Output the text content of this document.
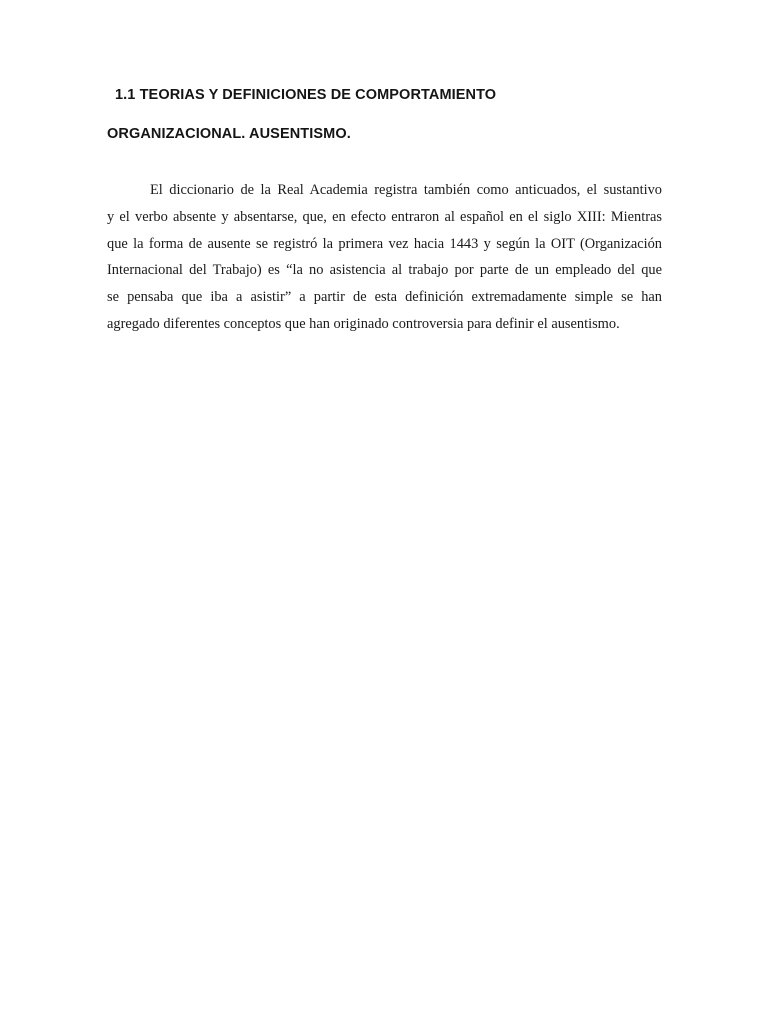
1.1 TEORIAS Y DEFINICIONES DE COMPORTAMIENTO
ORGANIZACIONAL. AUSENTISMO.
El diccionario de la Real Academia registra también como anticuados, el sustantivo
y el verbo absente y absentarse, que, en efecto entraron al español en el siglo XIII: Mientras
que la forma de ausente se registró la primera vez hacia 1443 y según la OIT (Organización
Internacional del Trabajo) es “la no asistencia al trabajo por parte de un empleado del que
se pensaba que iba a asistir” a partir de esta definición extremadamente simple se han
agregado diferentes conceptos que han originado controversia para definir el ausentismo.
